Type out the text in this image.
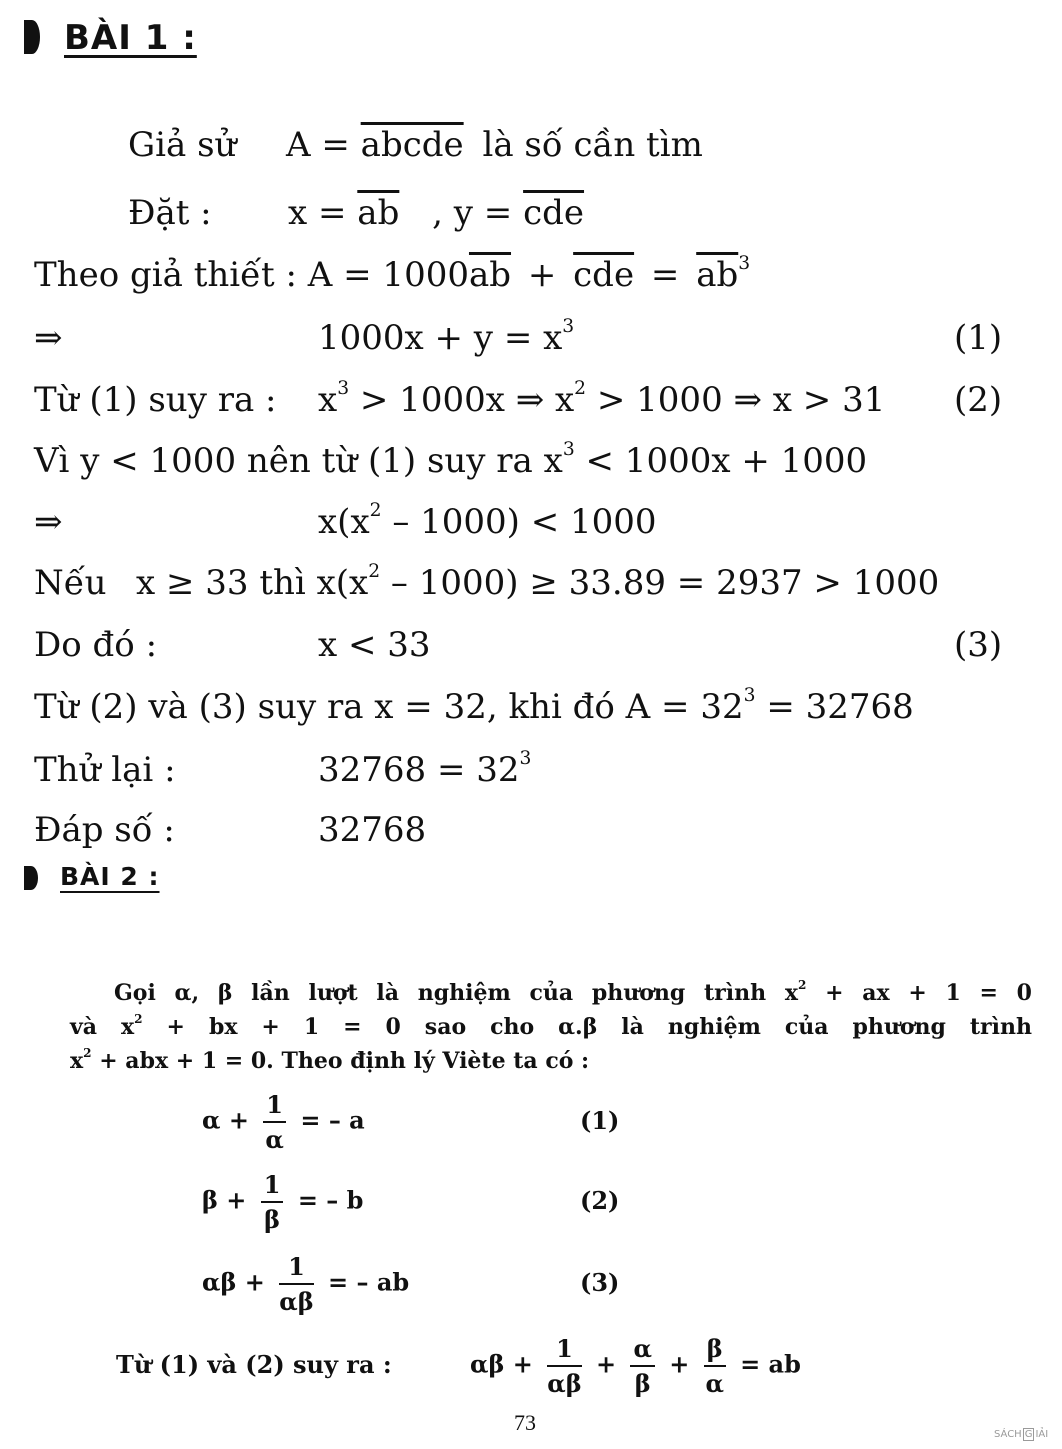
BÀI 1 :
Giả sử A = abcde là số cần tìm
Đặt : $x = \overline{ab}$ , $y = \overline{cde}$
Theo giả thiết : $A = 1000\overline{ab} + \overline{cde} = \overline{ab}^3$
⇒	$1000x + y = x^3$	(1)
Từ (1) suy ra : $x^3 > 1000x$ ⇒ $x^2 > 1000$ ⇒ x > 31 (2)
Vì y < 1000 nên từ (1) suy ra $x^3 < 1000x + 1000$
⇒	$x(x^2 - 1000) < 1000$
Nếu x ≥ 33 thì $x(x^2 - 1000) \ge 33.89 = 2937 > 1000$
Do đó :	x < 33	(3)
Từ (2) và (3) suy ra x = 32, khi đó $A = 32^3 = 32768$
Thử lại :	$32768 = 32^3$
Đáp số :	32768
BÀI 2 :
Gọi α, β lần lượt là nghiệm của phương trình $x^2$ + ax + 1 = 0
và $x^2$ + bx + 1 = 0 sao cho α.β là nghiệm của phương trình
$x^2$ + abx + 1 = 0. Theo định lý Viète ta có :
$\alpha + \frac{1}{\alpha}$ = – a	(1)
$\beta + \frac{1}{\beta}$ = – b	(2)
$\alpha\beta + \frac{1}{\alpha\beta}$ = – ab	(3)
Từ (1) và (2) suy ra :	$\alpha\beta + \frac{1}{\alpha\beta} + \frac{\alpha}{\beta} + \frac{\beta}{\alpha}$ = ab
73	SÁCH G IẢI
